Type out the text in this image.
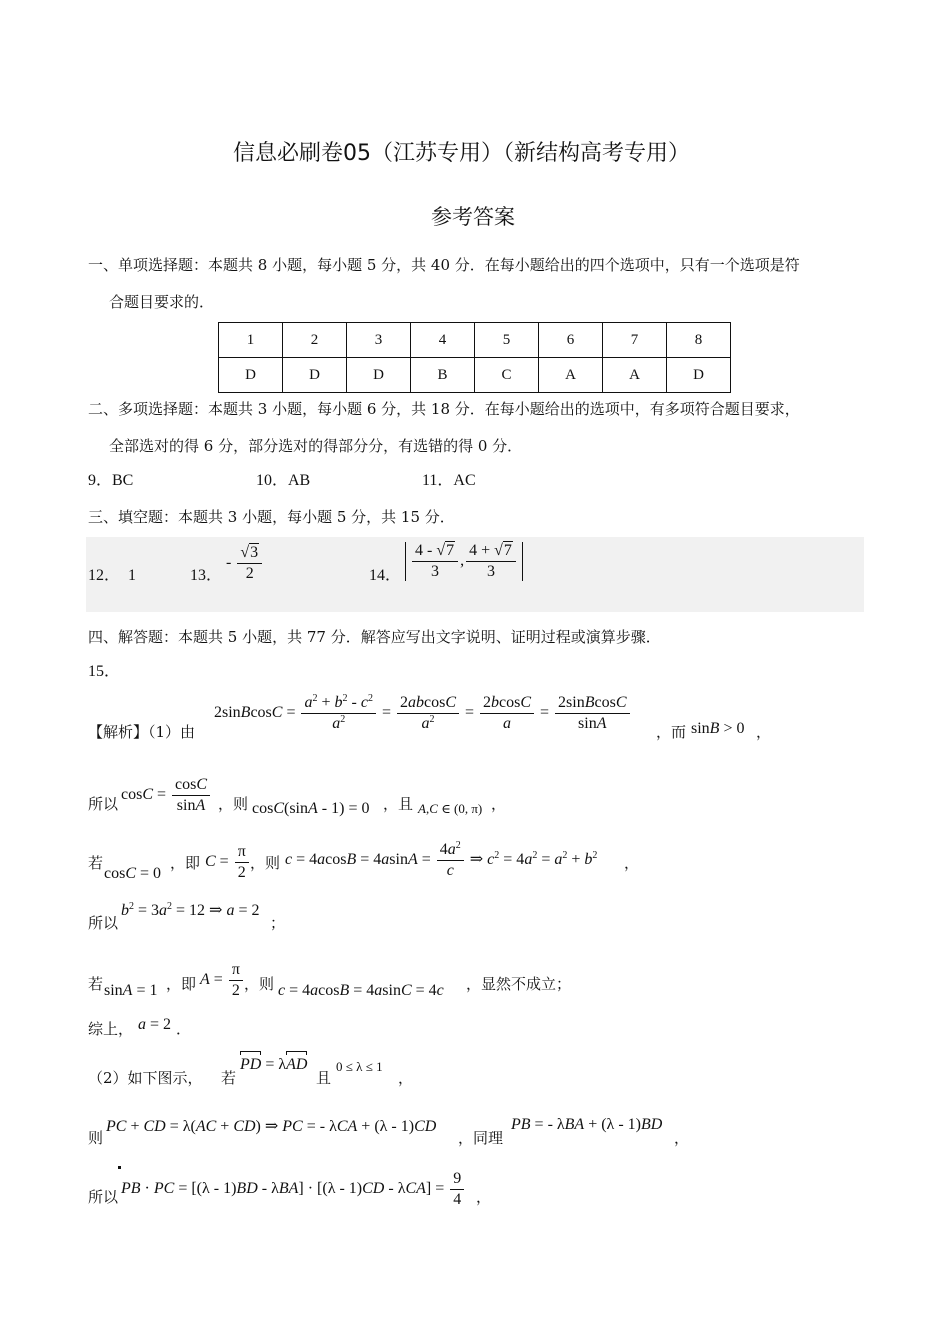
信息必刷卷05（江苏专用）（新结构高考专用）
参考答案
一、单项选择题：本题共 8 小题，每小题 5 分，共 40 分．在每小题给出的四个选项中，只有一个选项是符
合题目要求的．
1	2	3	4	5	6	7	8
D	D	D	B	C	A	A	D
二、多项选择题：本题共 3 小题，每小题 6 分，共 18 分．在每小题给出的选项中，有多项符合题目要求，
全部选对的得 6 分，部分选对的得部分分，有选错的得 0 分．
9．BC	10．AB	11．AC
三、填空题：本题共 3 小题，每小题 5 分，共 15 分．
12． 1	13．
- $\frac{√3}{2}$	14． $\frac{4 - √7}{3}$ , $\frac{4 + √7}{3}$
四、解答题：本题共 5 小题，共 77 分．解答应写出文字说明、证明过程或演算步骤．
15．
【解析】（1）由
2sinBcosC = $\frac{a^2 + b^2 - c^2}{a^2} = \frac{2abcosC}{a^2} = \frac{2bcosC}{a} = \frac{\text{2sinBcosC}}{\sin A}$ ，而 sinB > 0 ，
所以
$\cos C = \frac{\cos C}{\sin A}$ ，则 cosC(sinA - 1) = 0 ，且 A,C ∈ (0, π) ，
若
cosC = 0
，即 $C = \frac{\pi}{2}$ ，则 $c = 4acosB = 4asinA = \frac{4a^2}{c}$ ⇒ $c^2 = 4a^2 = a^2 + b^2$ ，
所以
$b^2 = 3a^2 = 12$ ⇒ a = 2
；
若 sinA = 1 ，即 $A = \frac{\pi}{2}$ ，则 c = 4acosB = 4asinC = 4c ，显然不成立；
综上， a = 2 ．
（2）如下图示， 若
PD = λAD
且
0 ≤ λ ≤ 1
，
则
PC + CD = λ(AC + CD) ⇒ PC = - λCA + (λ - 1)CD
，同理
PB = - λBA + (λ - 1)BD
，
所以 PB · PC = $[(\lambda - 1)BD - \lambda BA] \cdot [(\lambda - 1)CD - \lambda CA] = \frac{9}{4}$ ，
